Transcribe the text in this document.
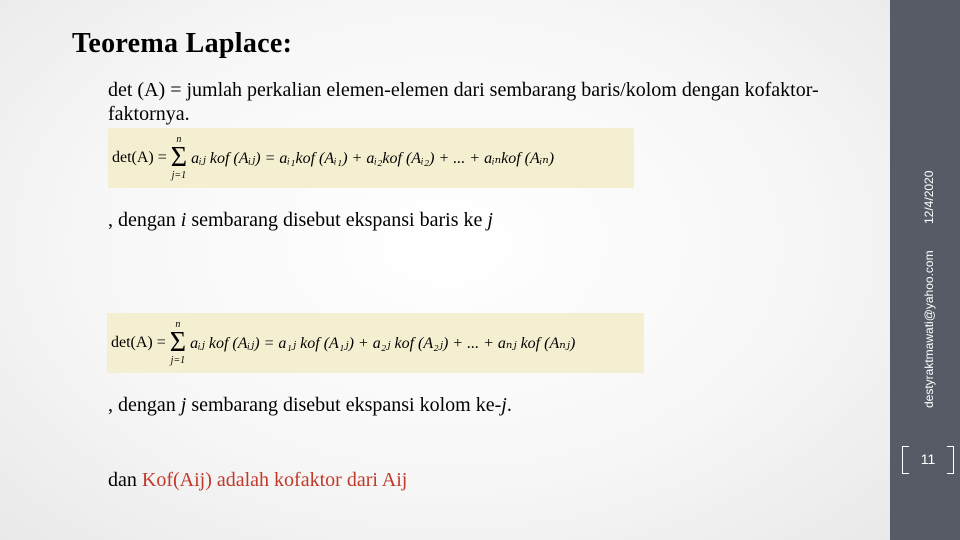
Teorema Laplace:
det (A) = jumlah perkalian elemen-elemen dari sembarang baris/kolom dengan kofaktor-faktornya.
det(A) =
n
Σ
j=1
aᵢⱼ kof (Aᵢⱼ) = aᵢ₁kof (Aᵢ₁) + aᵢ₂kof (Aᵢ₂) + ... + aᵢₙkof (Aᵢₙ)
, dengan i sembarang disebut ekspansi baris ke j
det(A) =
n
Σ
j=1
aᵢⱼ kof (Aᵢⱼ) = a₁ⱼ kof (A₁ⱼ) + a₂ⱼ kof (A₂ⱼ) + ... + aₙⱼ kof (Aₙⱼ)
, dengan j sembarang disebut ekspansi kolom ke-j.
dan Kof(Aij) adalah kofaktor dari Aij
12/4/2020
destyraktmawati@yahoo.com
11
